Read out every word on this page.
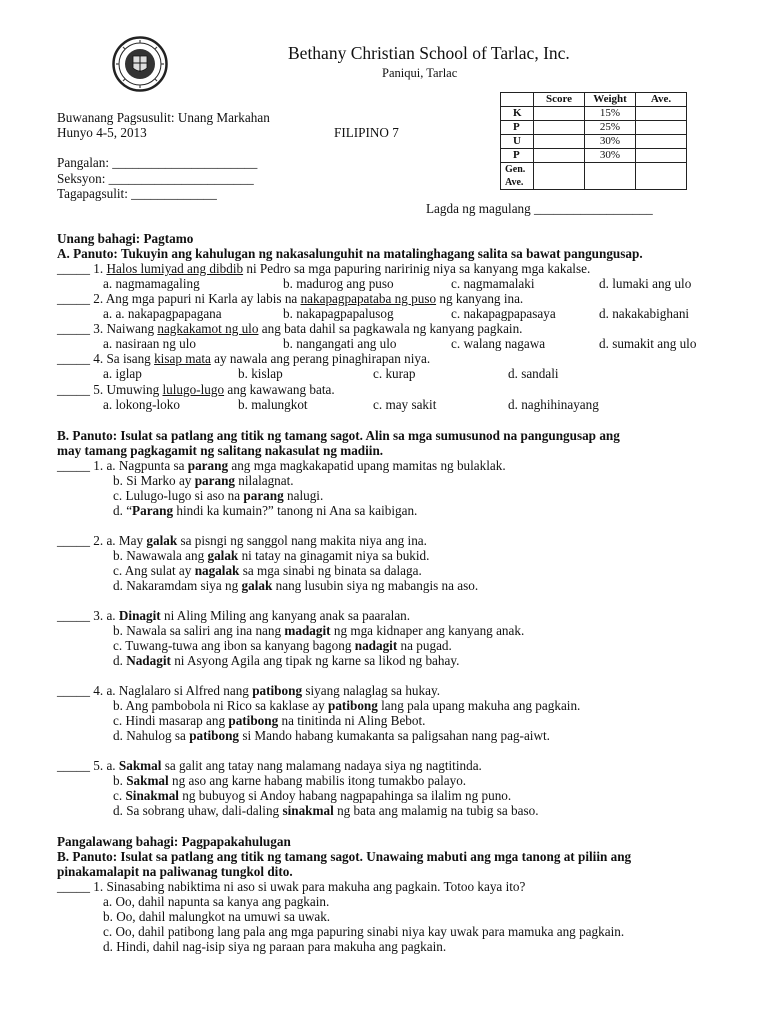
Bethany Christian School of Tarlac, Inc.
Paniqui, Tarlac
Buwanang Pagsusulit: Unang Markahan
Hunyo 4-5, 2013	FILIPINO 7
Pangalan: ______________________
Seksyon: ______________________
Tagapagsulit: _____________
Lagda ng magulang __________________
	Score	Weight	Ave.
K		15%	
P		25%	
U		30%	
P		30%	
Gen. Ave.			
Unang bahagi: Pagtamo
A. Panuto: Tukuyin ang kahulugan ng nakasalunguhit na matalinghagang salita sa bawat pangungusap.
_____ 1. Halos lumiyad ang dibdib ni Pedro sa mga papuring naririnig niya sa kanyang mga kakalse.
a. nagmamagaling	b. madurog ang puso	c. nagmamalaki	d. lumaki ang ulo
_____ 2. Ang mga papuri ni Karla ay labis na nakapagpapataba ng puso ng kanyang ina.
a. a. nakapagpapagana	b. nakapagpapalusog	c. nakapagpapasaya	d. nakakabighani
_____ 3. Naiwang nagkakamot ng ulo ang bata dahil sa pagkawala ng kanyang pagkain.
a. nasiraan ng ulo	b. nangangati ang ulo	c. walang nagawa	d. sumakit ang ulo
_____ 4. Sa isang kisap mata ay nawala ang perang pinaghirapan niya.
a. iglap	b. kislap	c. kurap	d. sandali
_____ 5. Umuwing lulugo-lugo ang kawawang bata.
a. lokong-loko	b. malungkot	c. may sakit	d. naghihinayang
B. Panuto: Isulat sa patlang ang titik ng tamang sagot. Alin sa mga sumusunod na pangungusap ang
may tamang pagkagamit ng salitang nakasulat ng madiin.
_____ 1. a. Nagpunta sa parang ang mga magkakapatid upang mamitas ng bulaklak.
b. Si Marko ay parang nilalagnat.
c. Lulugo-lugo si aso na parang nalugi.
d. “Parang hindi ka kumain?” tanong ni Ana sa kaibigan.
_____ 2. a. May galak sa pisngi ng sanggol nang makita niya ang ina.
b. Nawawala ang galak ni tatay na ginagamit niya sa bukid.
c. Ang sulat ay nagalak sa mga sinabi ng binata sa dalaga.
d. Nakaramdam siya ng galak nang lusubin siya ng mabangis na aso.
_____ 3. a. Dinagit ni Aling Miling ang kanyang anak sa paaralan.
b. Nawala sa saliri ang ina nang madagit ng mga kidnaper ang kanyang anak.
c. Tuwang-tuwa ang ibon sa kanyang bagong nadagit na pugad.
d. Nadagit ni Asyong Agila ang tipak ng karne sa likod ng bahay.
_____ 4. a. Naglalaro si Alfred nang patibong siyang nalaglag sa hukay.
b. Ang pambobola ni Rico sa kaklase ay patibong lang pala upang makuha ang pagkain.
c. Hindi masarap ang patibong na tinitinda ni Aling Bebot.
d. Nahulog sa patibong si Mando habang kumakanta sa paligsahan nang pag-aiwt.
_____ 5. a. Sakmal sa galit ang tatay nang malamang nadaya siya ng nagtitinda.
b. Sakmal ng aso ang karne habang mabilis itong tumakbo palayo.
c. Sinakmal ng bubuyog si Andoy habang nagpapahinga sa ilalim ng puno.
d. Sa sobrang uhaw, dali-daling sinakmal ng bata ang malamig na tubig sa baso.
Pangalawang bahagi: Pagpapakahulugan
B. Panuto: Isulat sa patlang ang titik ng tamang sagot. Unawaing mabuti ang mga tanong at piliin ang
pinakamalapit na paliwanag tungkol dito.
_____ 1. Sinasabing nabiktima ni aso si uwak para makuha ang pagkain. Totoo kaya ito?
a. Oo, dahil napunta sa kanya ang pagkain.
b. Oo, dahil malungkot na umuwi sa uwak.
c. Oo, dahil patibong lang pala ang mga papuring sinabi niya kay uwak para mamuka ang pagkain.
d. Hindi, dahil nag-isip siya ng paraan para makuha ang pagkain.
